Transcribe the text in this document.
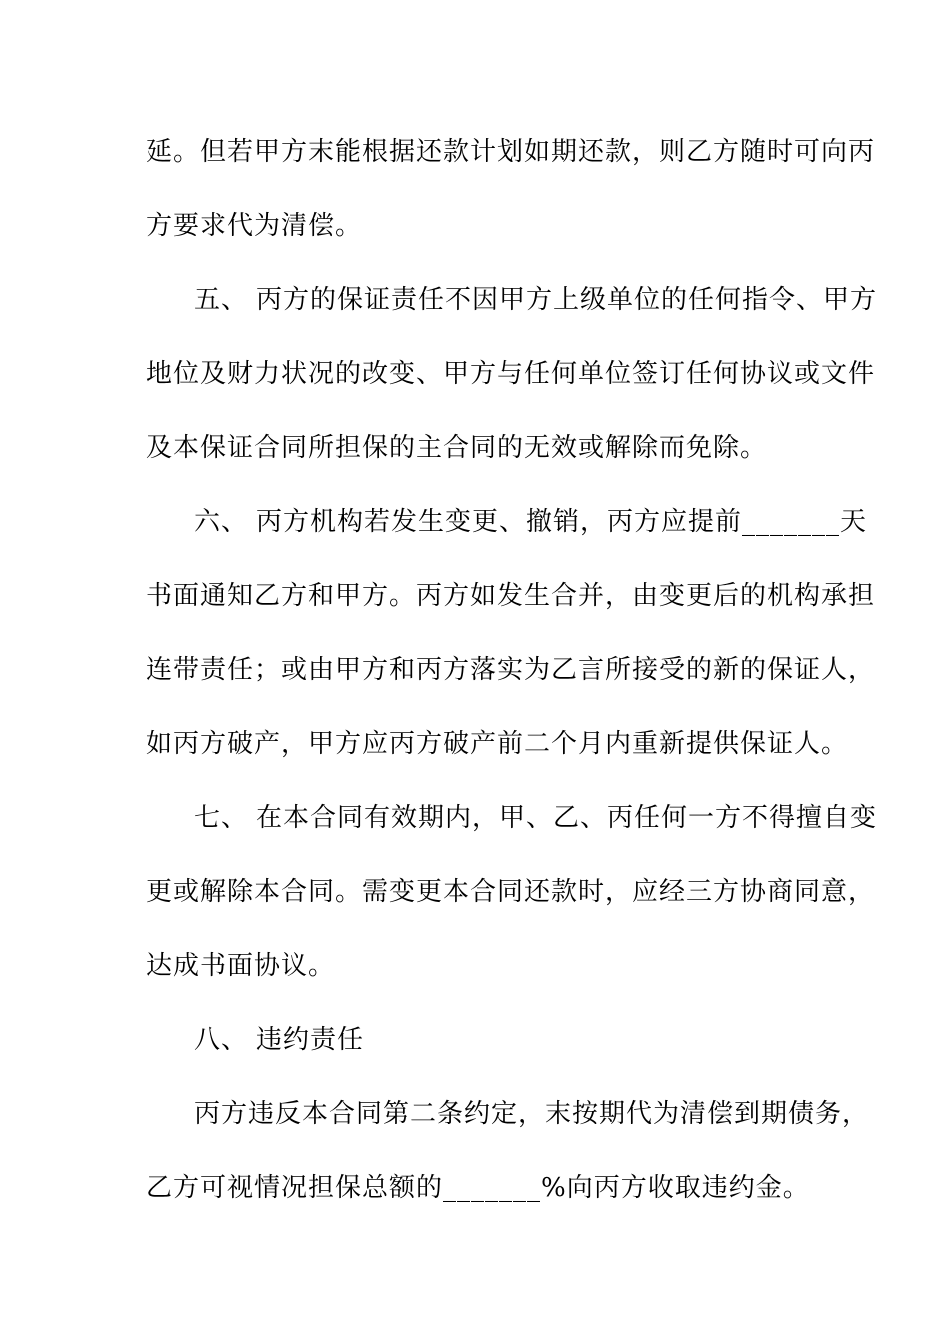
延。但若甲方末能根据还款计划如期还款，则乙方随时可向丙
方要求代为清偿。
五、 丙方的保证责任不因甲方上级单位的任何指令、甲方
地位及财力状况的改变、甲方与任何单位签订任何协议或文件
及本保证合同所担保的主合同的无效或解除而免除。
六、 丙方机构若发生变更、撤销，丙方应提前_______天
书面通知乙方和甲方。丙方如发生合并，由变更后的机构承担
连带责任；或由甲方和丙方落实为乙言所接受的新的保证人，
如丙方破产，甲方应丙方破产前二个月内重新提供保证人。
七、 在本合同有效期内，甲、乙、丙任何一方不得擅自变
更或解除本合同。需变更本合同还款时，应经三方协商同意，
达成书面协议。
八、 违约责任
丙方违反本合同第二条约定，末按期代为清偿到期债务，
乙方可视情况担保总额的_______%向丙方收取违约金。
